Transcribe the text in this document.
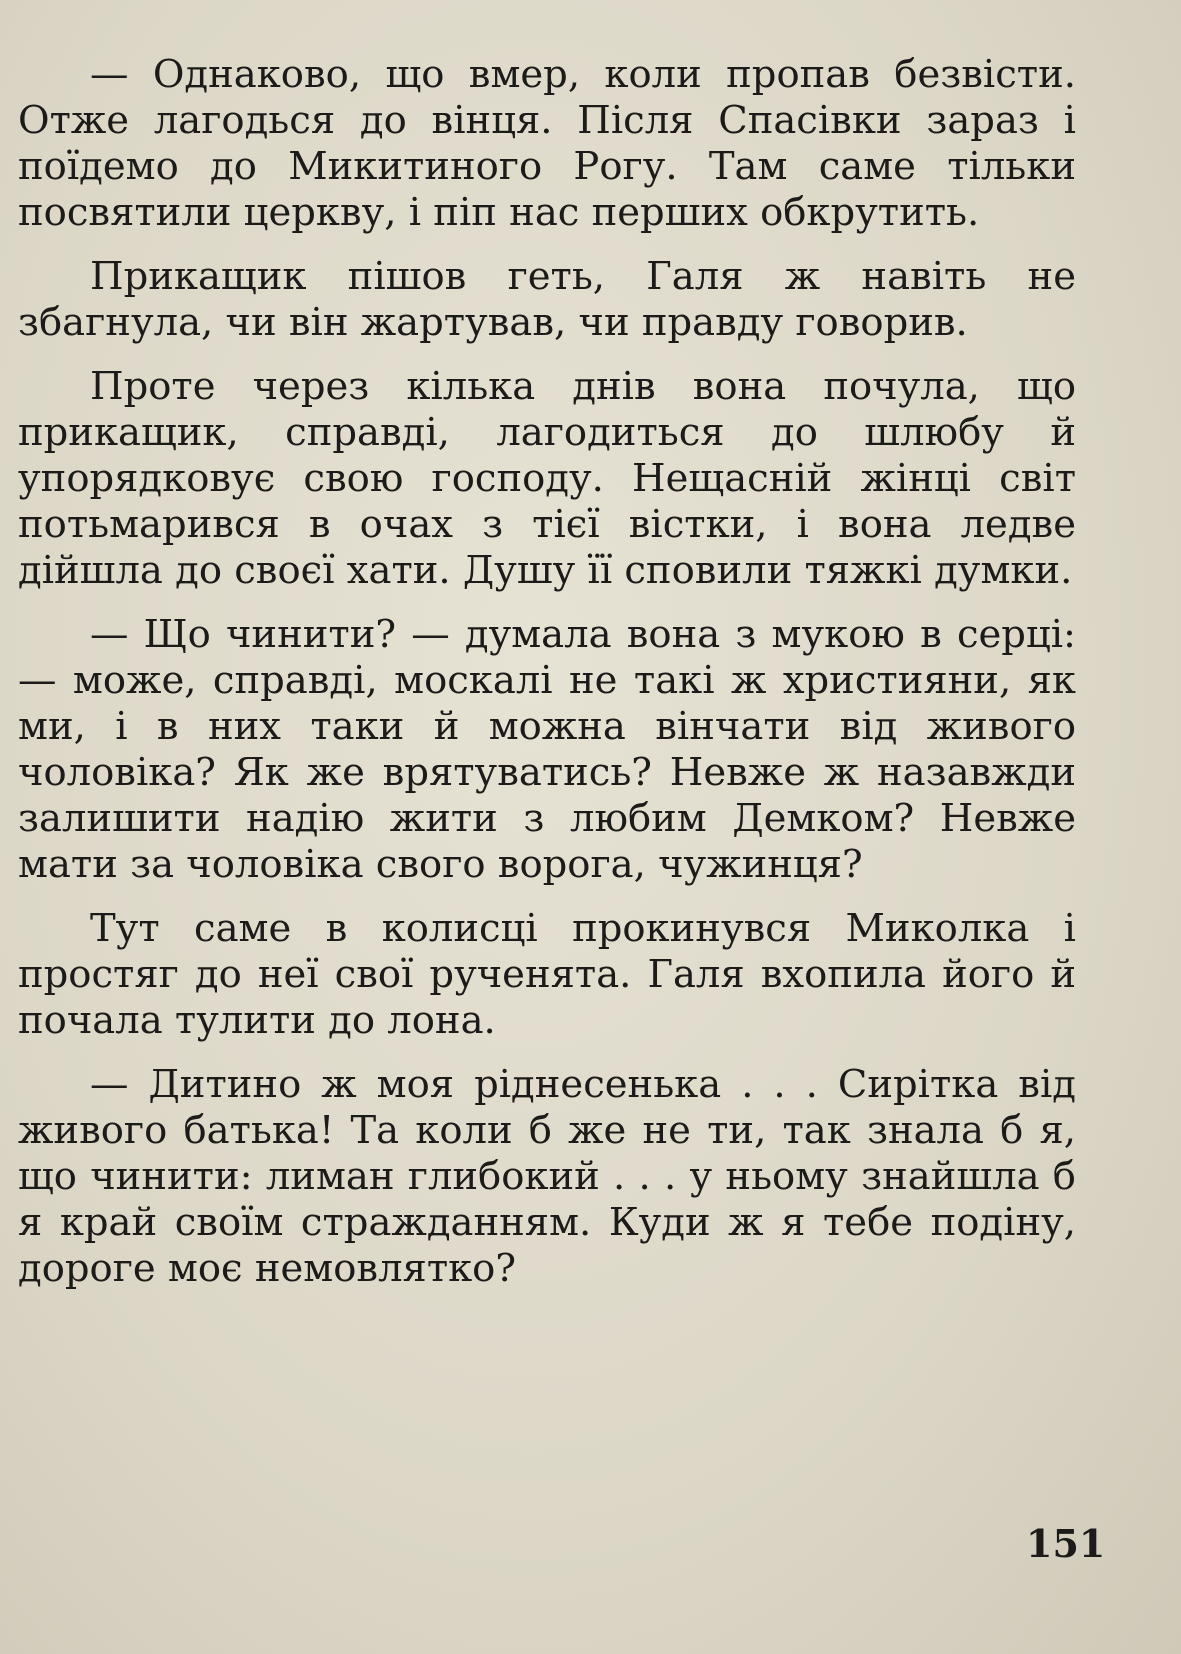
— Однаково, що вмер, коли пропав безвісти. Отже лагодься до вінця. Після Спасівки зараз і поїдемо до Микитиного Рогу. Там саме тільки посвятили церкву, і піп нас перших обкрутить.

Прикащик пішов геть, Галя ж навіть не збагнула, чи він жартував, чи правду говорив.

Проте через кілька днів вона почула, що прикащик, справді, лагодиться до шлюбу й упорядковує свою господу. Нещасній жінці світ потьмарився в очах з тієї вістки, і вона ледве дійшла до своєї хати. Душу її сповили тяжкі думки.

— Що чинити? — думала вона з мукою в серці: — може, справді, москалі не такі ж християни, як ми, і в них таки й можна вінчати від живого чоловіка? Як же врятуватись? Невже ж назавжди залишити надію жити з любим Демком? Невже мати за чоловіка свого ворога, чужинця?

Тут саме в колисці прокинувся Миколка і простяг до неї свої рученята. Галя вхопила його й почала тулити до лона.

— Дитино ж моя ріднесенька . . . Сирітка від живого батька! Та коли б же не ти, так знала б я, що чинити: лиман глибокий . . . у ньому знайшла б я край своїм стражданням. Куди ж я тебе подіну, дороге моє немовлятко?

151
